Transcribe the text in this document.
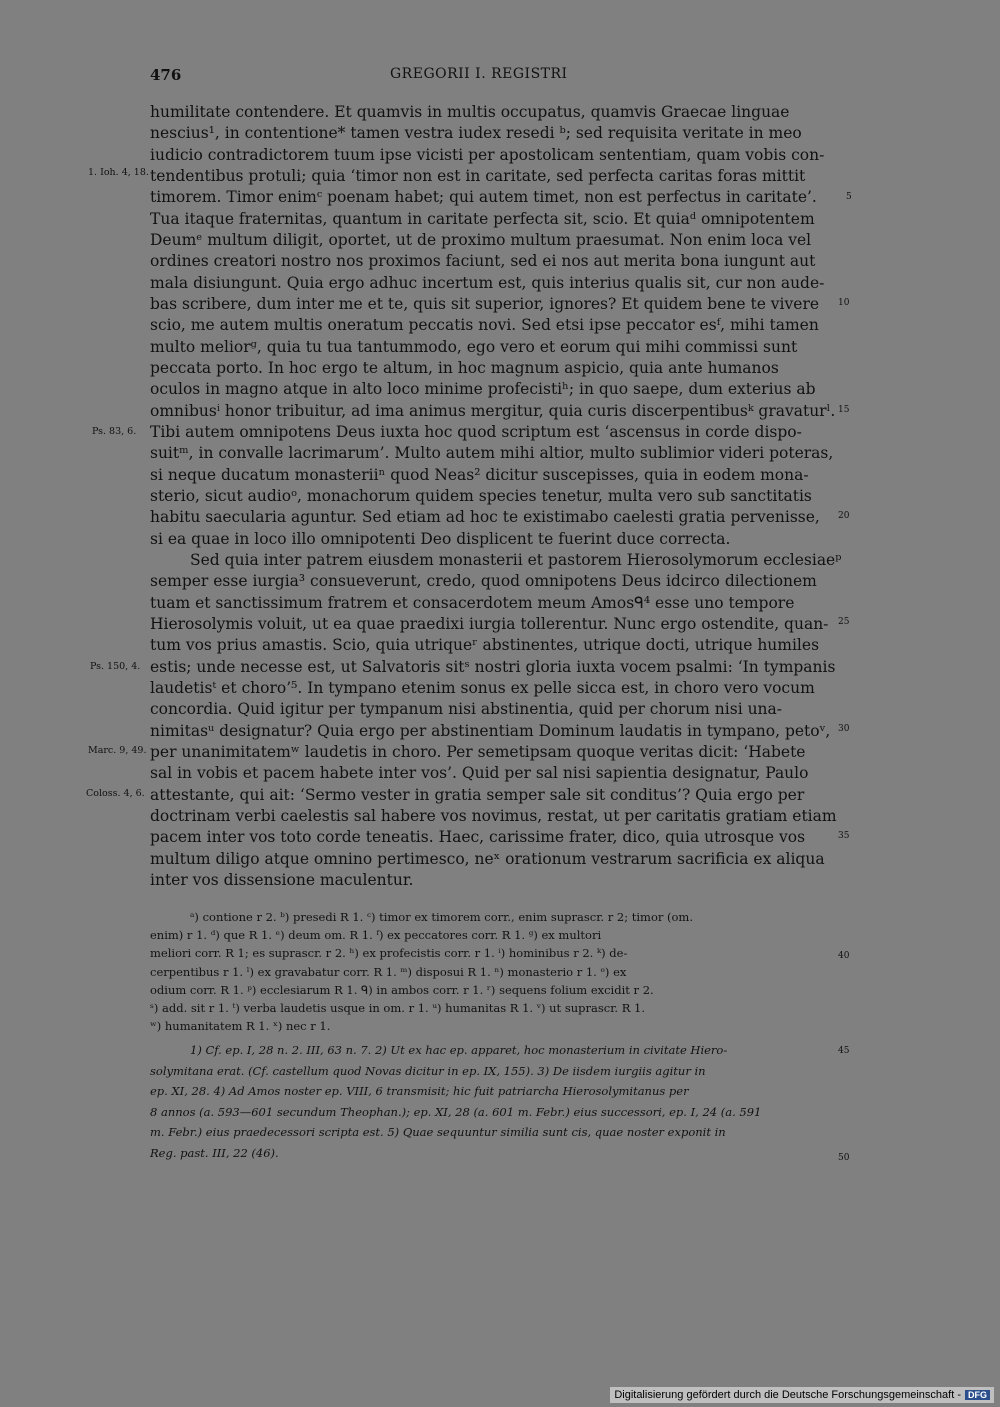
476	GREGORII I. REGISTRI
humilitate contendere. Et quamvis in multis occupatus, quamvis Graecae linguae
nescius¹, in contentione* tamen vestra iudex resedi ᵇ; sed requisita veritate in meo
iudicio contradictorem tuum ipse vicisti per apostolicam sententiam, quam vobis con-
tendentibus protuli; quia ‘timor non est in caritate, sed perfecta caritas foras mittit
timorem. Timor enimᶜ poenam habet; qui autem timet, non est perfectus in caritate’.
Tua itaque fraternitas, quantum in caritate perfecta sit, scio. Et quiaᵈ omnipotentem
Deumᵉ multum diligit, oportet, ut de proximo multum praesumat. Non enim loca vel
ordines creatori nostro nos proximos faciunt, sed ei nos aut merita bona iungunt aut
mala disiungunt. Quia ergo adhuc incertum est, quis interius qualis sit, cur non aude-
bas scribere, dum inter me et te, quis sit superior, ignores? Et quidem bene te vivere
scio, me autem multis oneratum peccatis novi. Sed etsi ipse peccator esᶠ, mihi tamen
multo meliorᵍ, quia tu tua tantummodo, ego vero et eorum qui mihi commissi sunt
peccata porto. In hoc ergo te altum, in hoc magnum aspicio, quia ante humanos
oculos in magno atque in alto loco minime profecistiʰ; in quo saepe, dum exterius ab
omnibusⁱ honor tribuitur, ad ima animus mergitur, quia curis discerpentibusᵏ gravaturˡ.
Tibi autem omnipotens Deus iuxta hoc quod scriptum est ‘ascensus in corde dispo-
suitᵐ, in convalle lacrimarum’. Multo autem mihi altior, multo sublimior videri poteras,
si neque ducatum monasteriiⁿ quod Neas² dicitur suscepisses, quia in eodem mona-
sterio, sicut audioᵒ, monachorum quidem species tenetur, multa vero sub sanctitatis
habitu saecularia aguntur. Sed etiam ad hoc te existimabo caelesti gratia pervenisse,
si ea quae in loco illo omnipotenti Deo displicent te fuerint duce correcta.
Sed quia inter patrem eiusdem monasterii et pastorem Hierosolymorum ecclesiaeᵖ
semper esse iurgia³ consueverunt, credo, quod omnipotens Deus idcirco dilectionem
tuam et sanctissimum fratrem et consacerdotem meum Amosᑫ⁴ esse uno tempore
Hierosolymis voluit, ut ea quae praedixi iurgia tollerentur. Nunc ergo ostendite, quan-
tum vos prius amastis. Scio, quia utriqueʳ abstinentes, utrique docti, utrique humiles
estis; unde necesse est, ut Salvatoris sitˢ nostri gloria iuxta vocem psalmi: ‘In tympanis
laudetisᵗ et choro’⁵. In tympano etenim sonus ex pelle sicca est, in choro vero vocum
concordia. Quid igitur per tympanum nisi abstinentia, quid per chorum nisi una-
nimitasᵘ designatur? Quia ergo per abstinentiam Dominum laudatis in tympano, petoᵛ,
per unanimitatemʷ laudetis in choro. Per semetipsam quoque veritas dicit: ‘Habete
sal in vobis et pacem habete inter vos’. Quid per sal nisi sapientia designatur, Paulo
attestante, qui ait: ‘Sermo vester in gratia semper sale sit conditus’? Quia ergo per
doctrinam verbi caelestis sal habere vos novimus, restat, ut per caritatis gratiam etiam
pacem inter vos toto corde teneatis. Haec, carissime frater, dico, quia utrosque vos
multum diligo atque omnino pertimesco, neˣ orationum vestrarum sacrificia ex aliqua
inter vos dissensione maculentur.
1. Ioh. 4, 18.
Ps. 83, 6.
Ps. 150, 4.
Marc. 9, 49.
Coloss. 4, 6.
5
10
15
20
25
30
35
40
45
50
ᵃ) contione r 2. ᵇ) presedi R 1. ᶜ) timor ex timorem corr., enim suprascr. r 2; timor (om.
enim) r 1. ᵈ) que R 1. ᵉ) deum om. R 1. ᶠ) ex peccatores corr. R 1. ᵍ) ex multori
meliori corr. R 1; es suprascr. r 2. ʰ) ex profecistis corr. r 1. ⁱ) hominibus r 2. ᵏ) de-
cerpentibus r 1. ˡ) ex gravabatur corr. R 1. ᵐ) disposui R 1. ⁿ) monasterio r 1. ᵒ) ex
odium corr. R 1. ᵖ) ecclesiarum R 1. ᑫ) in ambos corr. r 1. ʳ) sequens folium excidit r 2.
ˢ) add. sit r 1. ᵗ) verba laudetis usque in om. r 1. ᵘ) humanitas R 1. ᵛ) ut suprascr. R 1.
ʷ) humanitatem R 1. ˣ) nec r 1.
1) Cf. ep. I, 28 n. 2. III, 63 n. 7. 2) Ut ex hac ep. apparet, hoc monasterium in civitate Hiero-
solymitana erat. (Cf. castellum quod Novas dicitur in ep. IX, 155). 3) De iisdem iurgiis agitur in
ep. XI, 28. 4) Ad Amos noster ep. VIII, 6 transmisit; hic fuit patriarcha Hierosolymitanus per
8 annos (a. 593—601 secundum Theophan.); ep. XI, 28 (a. 601 m. Febr.) eius successori, ep. I, 24 (a. 591
m. Febr.) eius praedecessori scripta est. 5) Quae sequuntur similia sunt cis, quae noster exponit in
Reg. past. III, 22 (46).
Digitalisierung gefördert durch die Deutsche Forschungsgemeinschaft - DFG
